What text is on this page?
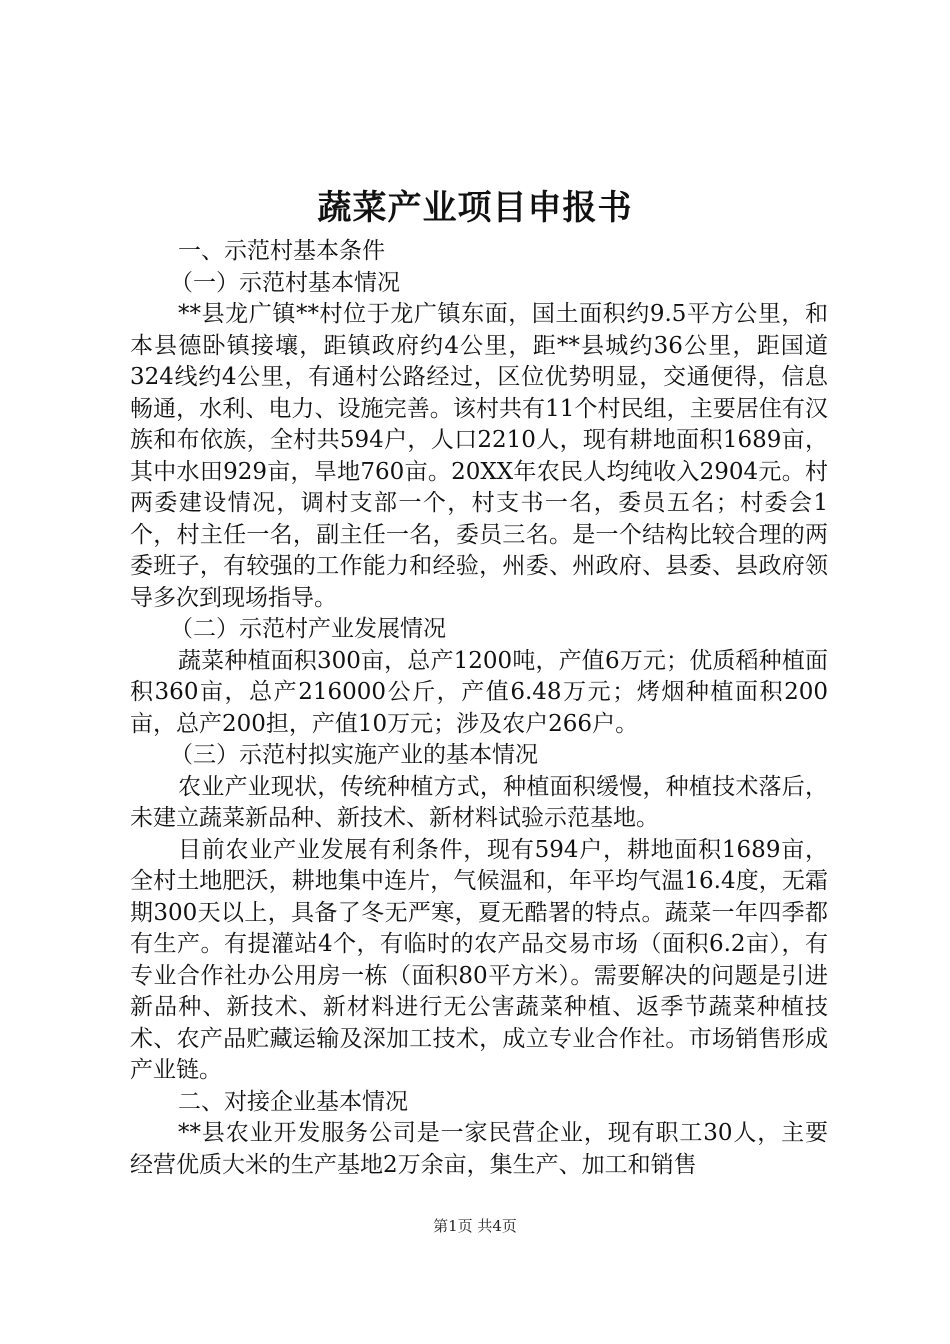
蔬菜产业项目申报书

一、示范村基本条件

（一）示范村基本情况

**县龙广镇**村位于龙广镇东面，国土面积约9.5平方公里，和本县德卧镇接壤，距镇政府约4公里，距**县城约36公里，距国道324线约4公里，有通村公路经过，区位优势明显，交通便得，信息畅通，水利、电力、设施完善。该村共有11个村民组，主要居住有汉族和布依族，全村共594户，人口2210人，现有耕地面积1689亩，其中水田929亩，旱地760亩。20XX年农民人均纯收入2904元。村两委建设情况，调村支部一个，村支书一名，委员五名；村委会1个，村主任一名，副主任一名，委员三名。是一个结构比较合理的两委班子，有较强的工作能力和经验，州委、州政府、县委、县政府领导多次到现场指导。

（二）示范村产业发展情况

蔬菜种植面积300亩，总产1200吨，产值6万元；优质稻种植面积360亩，总产216000公斤，产值6.48万元；烤烟种植面积200亩，总产200担，产值10万元；涉及农户266户。

（三）示范村拟实施产业的基本情况

农业产业现状，传统种植方式，种植面积缓慢，种植技术落后，未建立蔬菜新品种、新技术、新材料试验示范基地。

目前农业产业发展有利条件，现有594户，耕地面积1689亩，全村土地肥沃，耕地集中连片，气候温和，年平均气温16.4度，无霜期300天以上，具备了冬无严寒，夏无酷署的特点。蔬菜一年四季都有生产。有提灌站4个，有临时的农产品交易市场（面积6.2亩），有专业合作社办公用房一栋（面积80平方米）。需要解决的问题是引进新品种、新技术、新材料进行无公害蔬菜种植、返季节蔬菜种植技术、农产品贮藏运输及深加工技术，成立专业合作社。市场销售形成产业链。

二、对接企业基本情况

**县农业开发服务公司是一家民营企业，现有职工30人，主要经营优质大米的生产基地2万余亩，集生产、加工和销售

第1页 共4页
